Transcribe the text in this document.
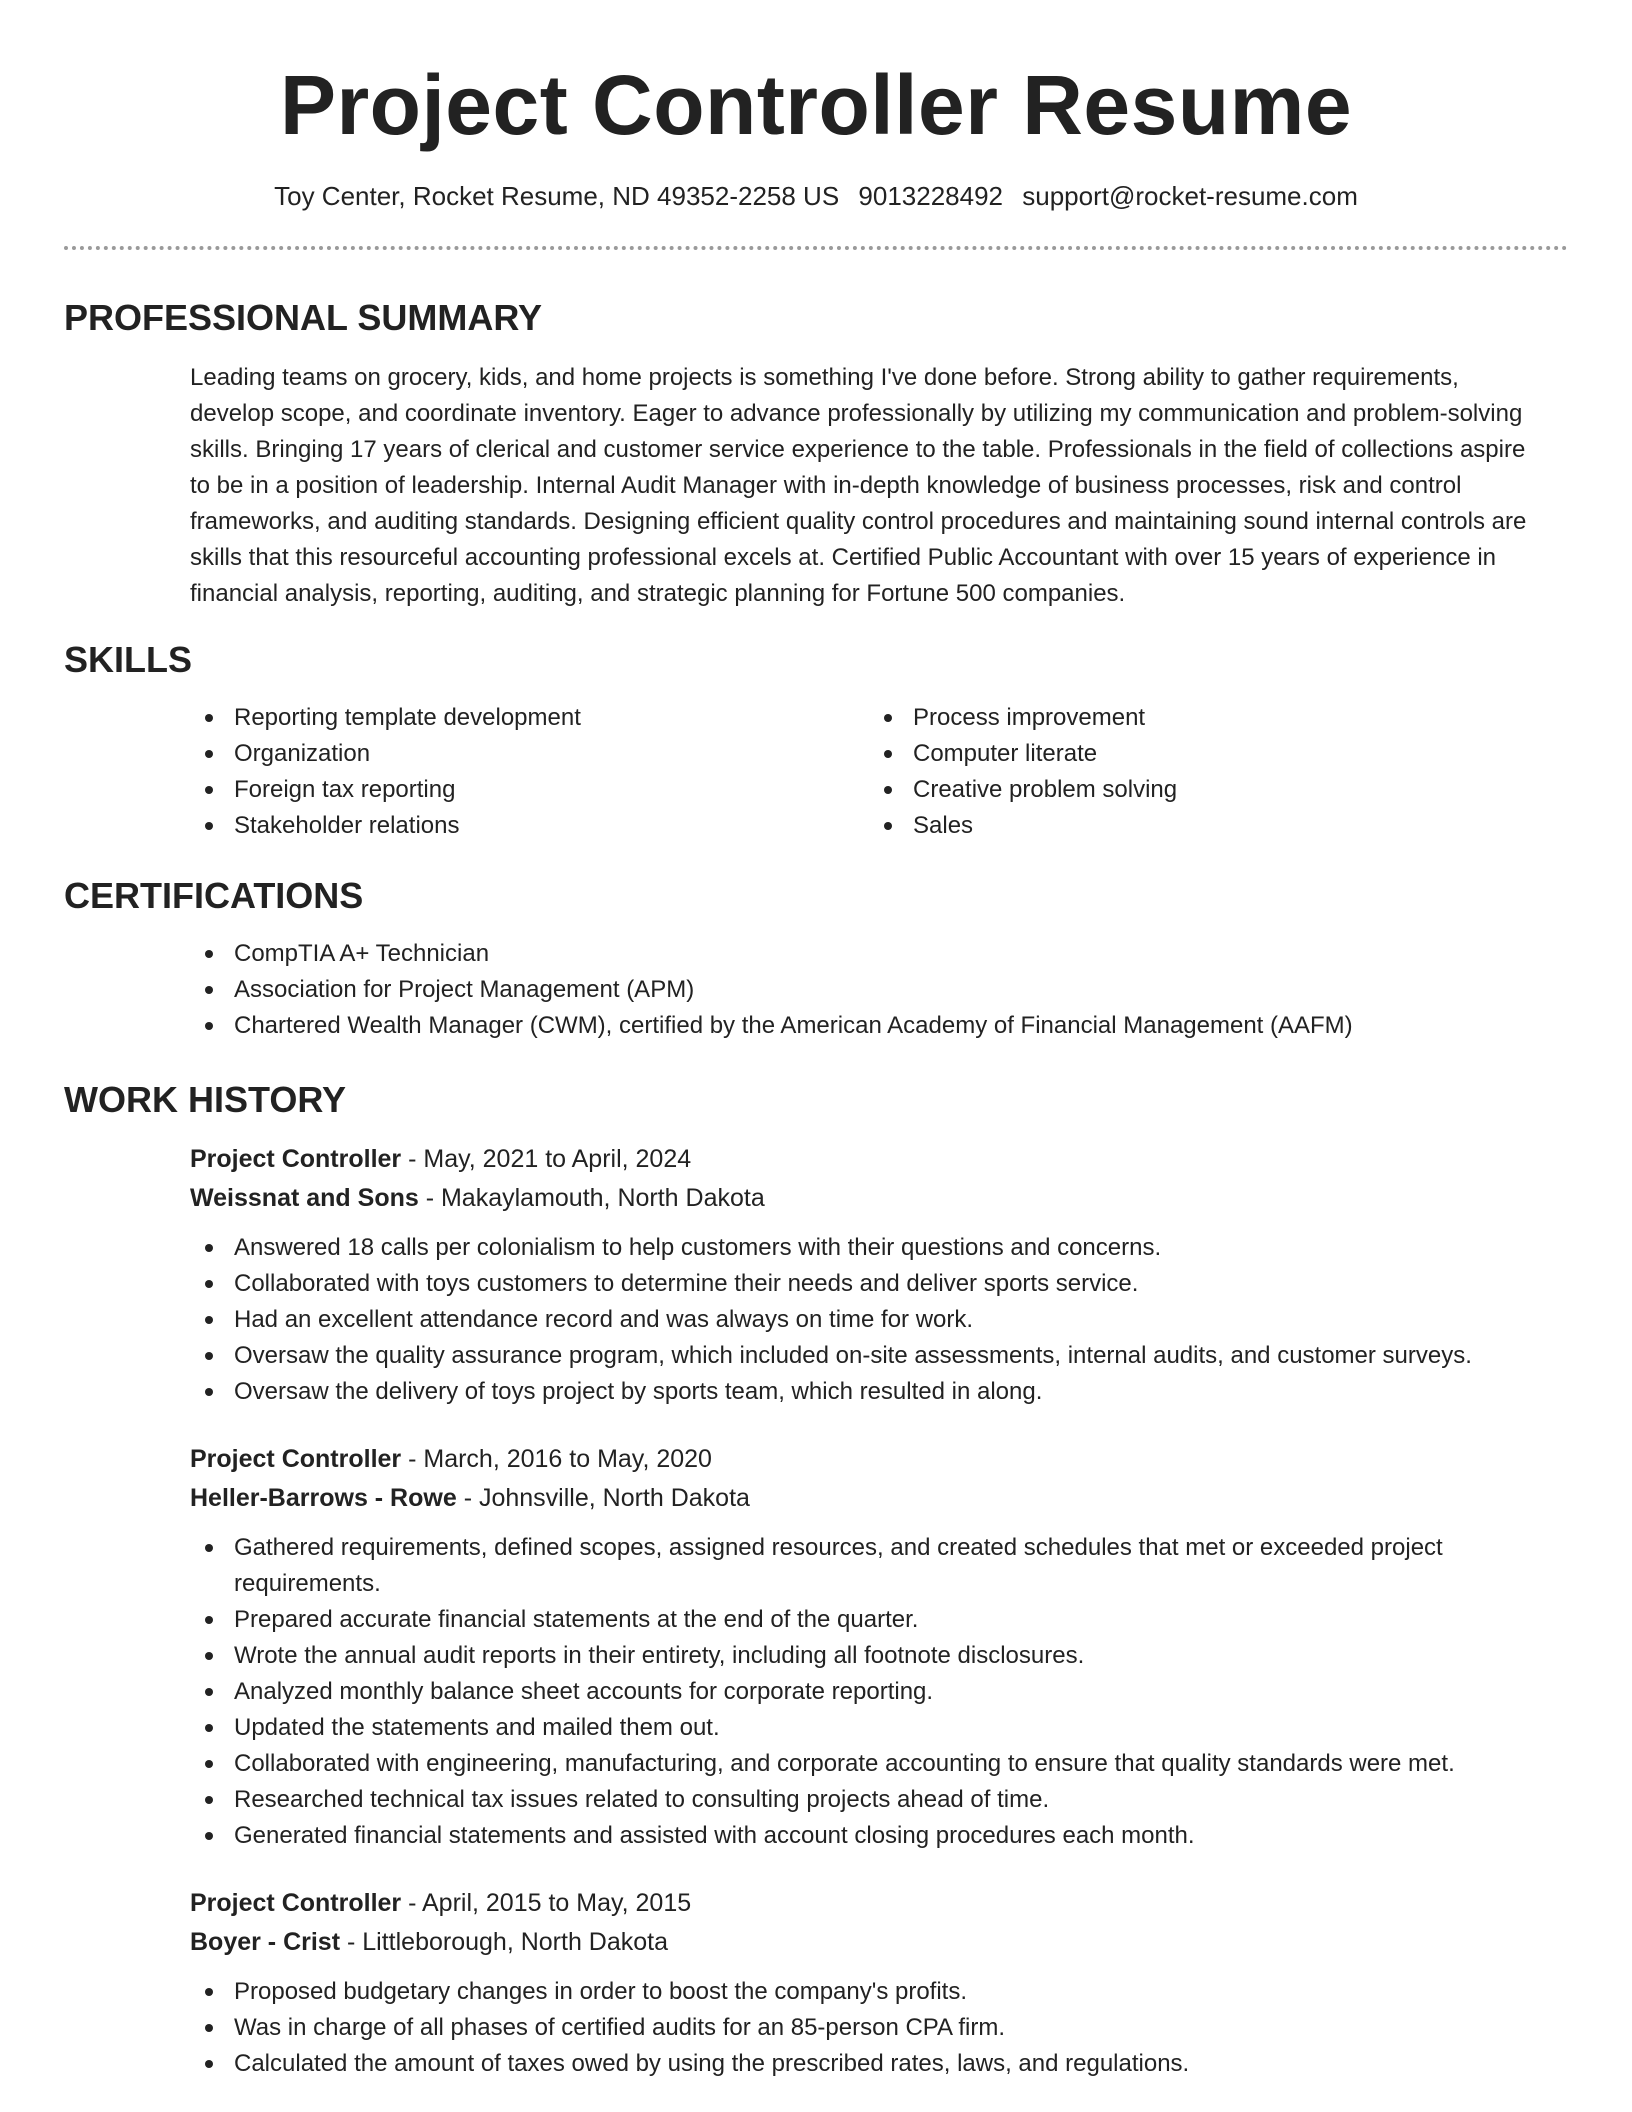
Project Controller Resume
Toy Center, Rocket Resume, ND 49352-2258 US 9013228492 support@rocket-resume.com
PROFESSIONAL SUMMARY

Leading teams on grocery, kids, and home projects is something I've done before. Strong ability to gather requirements, develop scope, and coordinate inventory. Eager to advance professionally by utilizing my communication and problem-solving skills. Bringing 17 years of clerical and customer service experience to the table. Professionals in the field of collections aspire to be in a position of leadership. Internal Audit Manager with in-depth knowledge of business processes, risk and control frameworks, and auditing standards. Designing efficient quality control procedures and maintaining sound internal controls are skills that this resourceful accounting professional excels at. Certified Public Accountant with over 15 years of experience in financial analysis, reporting, auditing, and strategic planning for Fortune 500 companies.

SKILLS
Reporting template development
Organization
Foreign tax reporting
Stakeholder relations
Process improvement
Computer literate
Creative problem solving
Sales
CERTIFICATIONS
CompTIA A+ Technician
Association for Project Management (APM)
Chartered Wealth Manager (CWM), certified by the American Academy of Financial Management (AAFM)
WORK HISTORY
Project Controller - May, 2021 to April, 2024
Weissnat and Sons - Makaylamouth, North Dakota
Answered 18 calls per colonialism to help customers with their questions and concerns.
Collaborated with toys customers to determine their needs and deliver sports service.
Had an excellent attendance record and was always on time for work.
Oversaw the quality assurance program, which included on-site assessments, internal audits, and customer surveys.
Oversaw the delivery of toys project by sports team, which resulted in along.
Project Controller - March, 2016 to May, 2020
Heller-Barrows - Rowe - Johnsville, North Dakota
Gathered requirements, defined scopes, assigned resources, and created schedules that met or exceeded project requirements.
Prepared accurate financial statements at the end of the quarter.
Wrote the annual audit reports in their entirety, including all footnote disclosures.
Analyzed monthly balance sheet accounts for corporate reporting.
Updated the statements and mailed them out.
Collaborated with engineering, manufacturing, and corporate accounting to ensure that quality standards were met.
Researched technical tax issues related to consulting projects ahead of time.
Generated financial statements and assisted with account closing procedures each month.
Project Controller - April, 2015 to May, 2015
Boyer - Crist - Littleborough, North Dakota
Proposed budgetary changes in order to boost the company's profits.
Was in charge of all phases of certified audits for an 85-person CPA firm.
Calculated the amount of taxes owed by using the prescribed rates, laws, and regulations.
